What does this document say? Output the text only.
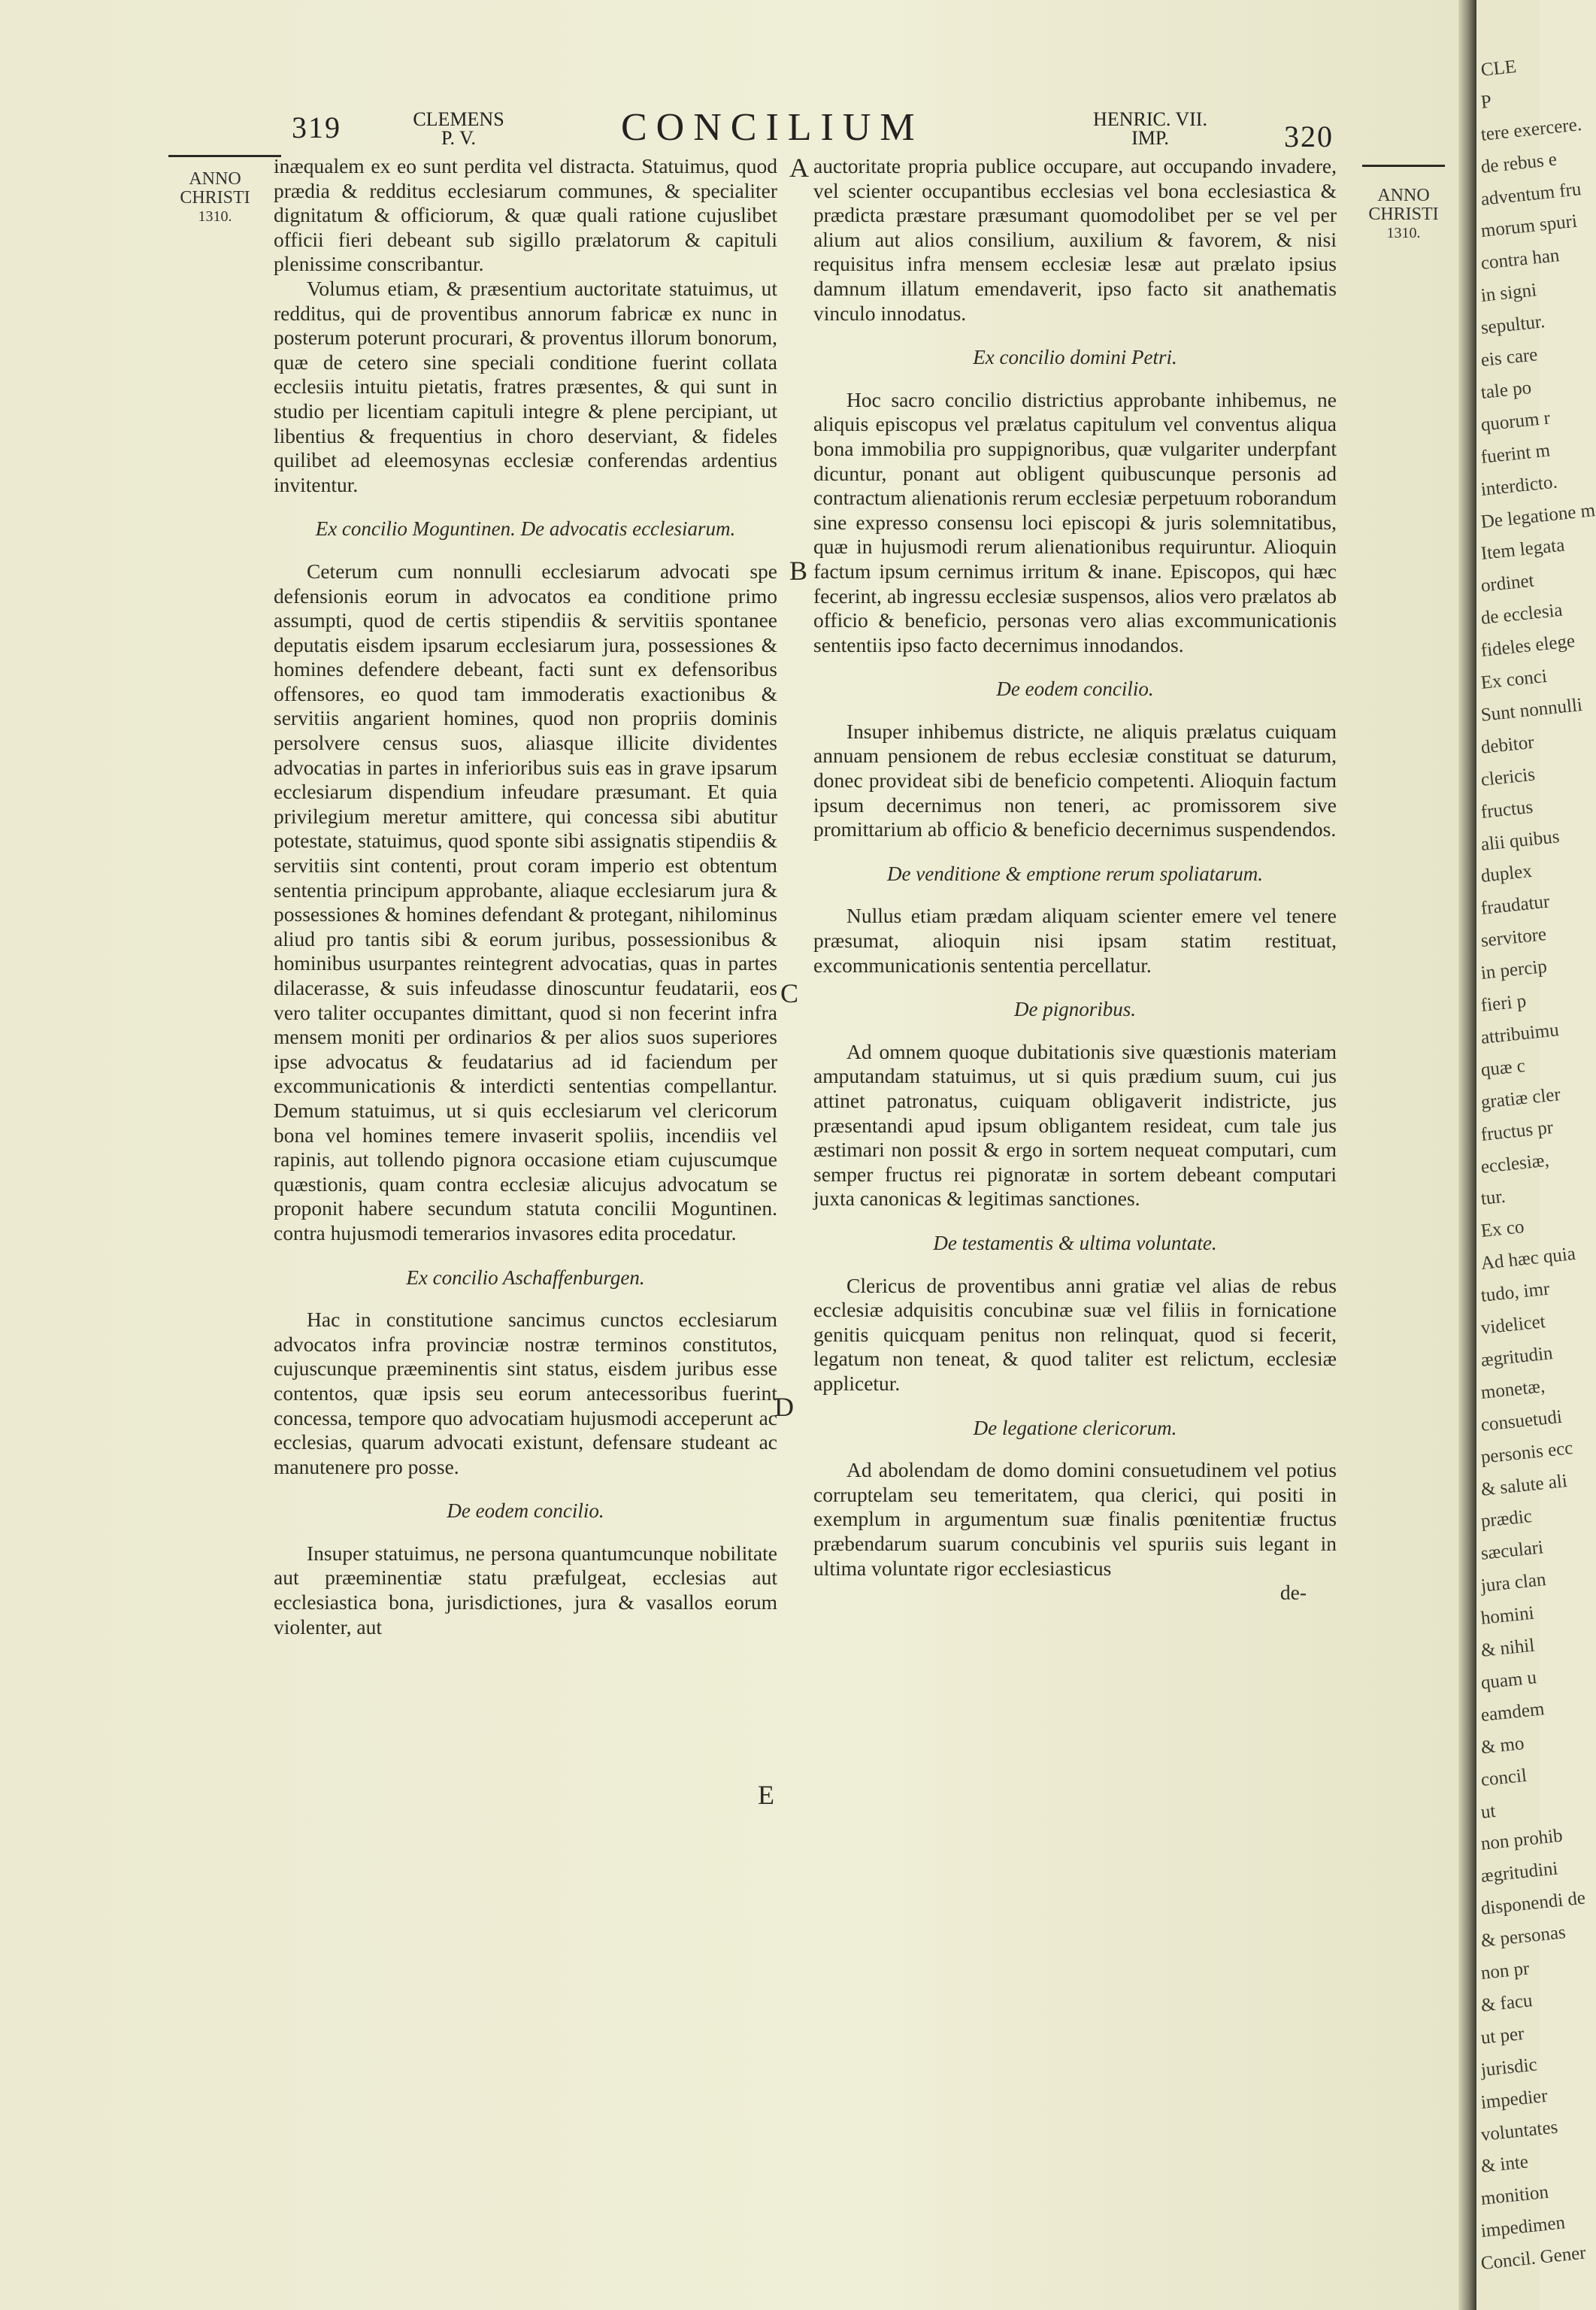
319	CLEMENS
P. V.	CONCILIUM	HENRIC. VII.
IMP.	320
ANNO
CHRISTI
1310.
ANNO
CHRISTI
1310.
A
B
C
D
E

inæqualem ex eo sunt perdita vel distracta. Statuimus, quod prædia & redditus ecclesiarum communes, & specialiter dignitatum & officiorum, & quæ quali ratione cujuslibet officii fieri debeant sub sigillo prælatorum & capituli plenissime conscribantur.

Volumus etiam, & præsentium auctoritate statuimus, ut redditus, qui de proventibus annorum fabricæ ex nunc in posterum poterunt procurari, & proventus illorum bonorum, quæ de cetero sine speciali conditione fuerint collata ecclesiis intuitu pietatis, fratres præsentes, & qui sunt in studio per licentiam capituli integre & plene percipiant, ut libentius & frequentius in choro deserviant, & fideles quilibet ad eleemosynas ecclesiæ conferendas ardentius invitentur.

Ex concilio Moguntinen. De advocatis ecclesiarum.

Ceterum cum nonnulli ecclesiarum advocati spe defensionis eorum in advocatos ea conditione primo assumpti, quod de certis stipendiis & servitiis spontanee deputatis eisdem ipsarum ecclesiarum jura, possessiones & homines defendere debeant, facti sunt ex defensoribus offensores, eo quod tam immoderatis exactionibus & servitiis angarient homines, quod non propriis dominis persolvere census suos, aliasque illicite dividentes advocatias in partes in inferioribus suis eas in grave ipsarum ecclesiarum dispendium infeudare præsumant. Et quia privilegium meretur amittere, qui concessa sibi abutitur potestate, statuimus, quod sponte sibi assignatis stipendiis & servitiis sint contenti, prout coram imperio est obtentum sententia principum approbante, aliaque ecclesiarum jura & possessiones & homines defendant & protegant, nihilominus aliud pro tantis sibi & eorum juribus, possessionibus & hominibus usurpantes reintegrent advocatias, quas in partes dilacerasse, & suis infeudasse dinoscuntur feudatarii, eos vero taliter occupantes dimittant, quod si non fecerint infra mensem moniti per ordinarios & per alios suos superiores ipse advocatus & feudatarius ad id faciendum per excommunicationis & interdicti sententias compellantur. Demum statuimus, ut si quis ecclesiarum vel clericorum bona vel homines temere invaserit spoliis, incendiis vel rapinis, aut tollendo pignora occasione etiam cujuscumque quæstionis, quam contra ecclesiæ alicujus advocatum se proponit habere secundum statuta concilii Moguntinen. contra hujusmodi temerarios invasores edita procedatur.

Ex concilio Aschaffenburgen.

Hac in constitutione sancimus cunctos ecclesiarum advocatos infra provinciæ nostræ terminos constitutos, cujuscunque præeminentis sint status, eisdem juribus esse contentos, quæ ipsis seu eorum antecessoribus fuerint concessa, tempore quo advocatiam hujusmodi acceperunt ac ecclesias, quarum advocati existunt, defensare studeant ac manutenere pro posse.

De eodem concilio.

Insuper statuimus, ne persona quantumcunque nobilitate aut præeminentiæ statu præfulgeat, ecclesias aut ecclesiastica bona, jurisdictiones, jura & vasallos eorum violenter, aut

auctoritate propria publice occupare, aut occupando invadere, vel scienter occupantibus ecclesias vel bona ecclesiastica & prædicta præstare præsumant quomodolibet per se vel per alium aut alios consilium, auxilium & favorem, & nisi requisitus infra mensem ecclesiæ lesæ aut prælato ipsius damnum illatum emendaverit, ipso facto sit anathematis vinculo innodatus.

Ex concilio domini Petri.

Hoc sacro concilio districtius approbante inhibemus, ne aliquis episcopus vel prælatus capitulum vel conventus aliqua bona immobilia pro suppignoribus, quæ vulgariter underpfant dicuntur, ponant aut obligent quibuscunque personis ad contractum alienationis rerum ecclesiæ perpetuum roborandum sine expresso consensu loci episcopi & juris solemnitatibus, quæ in hujusmodi rerum alienationibus requiruntur. Alioquin factum ipsum cernimus irritum & inane. Episcopos, qui hæc fecerint, ab ingressu ecclesiæ suspensos, alios vero prælatos ab officio & beneficio, personas vero alias excommunicationis sententiis ipso facto decernimus innodandos.

De eodem concilio.

Insuper inhibemus districte, ne aliquis prælatus cuiquam annuam pensionem de rebus ecclesiæ constituat se daturum, donec provideat sibi de beneficio competenti. Alioquin factum ipsum decernimus non teneri, ac promissorem sive promittarium ab officio & beneficio decernimus suspendendos.

De venditione & emptione rerum spoliatarum.

Nullus etiam prædam aliquam scienter emere vel tenere præsumat, alioquin nisi ipsam statim restituat, excommunicationis sententia percellatur.

De pignoribus.

Ad omnem quoque dubitationis sive quæstionis materiam amputandam statuimus, ut si quis prædium suum, cui jus attinet patronatus, cuiquam obligaverit indistricte, jus præsentandi apud ipsum obligantem resideat, cum tale jus æstimari non possit & ergo in sortem nequeat computari, cum semper fructus rei pignoratæ in sortem debeant computari juxta canonicas & legitimas sanctiones.

De testamentis & ultima voluntate.

Clericus de proventibus anni gratiæ vel alias de rebus ecclesiæ adquisitis concubinæ suæ vel filiis in fornicatione genitis quicquam penitus non relinquat, quod si fecerit, legatum non teneat, & quod taliter est relictum, ecclesiæ applicetur.

De legatione clericorum.

Ad abolendam de domo domini consuetudinem vel potius corruptelam seu temeritatem, qua clerici, qui positi in exemplum in argumentum suæ finalis pœnitentiæ fructus præbendarum suarum concubinis vel spuriis suis legant in ultima voluntate rigor ecclesiasticus

de-
CLE
P
tere exercere.
de rebus e
adventum fru
morum spuri
contra han
in signi
sepultur.
eis care
tale po
quorum r
fuerint m
interdicto.
De legatione m
Item legata
ordinet
de ecclesia
fideles elege
Ex conci
Sunt nonnulli
debitor
clericis
fructus
alii quibus
duplex
fraudatur
servitore
in percip
fieri p
attribuimu
quæ c
gratiæ cler
fructus pr
ecclesiæ,
tur.
Ex co
Ad hæc quia
tudo, imr
videlicet
ægritudin
monetæ,
consuetudi
personis ecc
& salute ali
prædic
sæculari
jura clan
homini
& nihil
quam u
eamdem
& mo
concil
ut
non prohib
ægritudini
disponendi de
& personas
non pr
& facu
ut per
jurisdic
impedier
voluntates
& inte
monition
impedimen
Concil. Gener
